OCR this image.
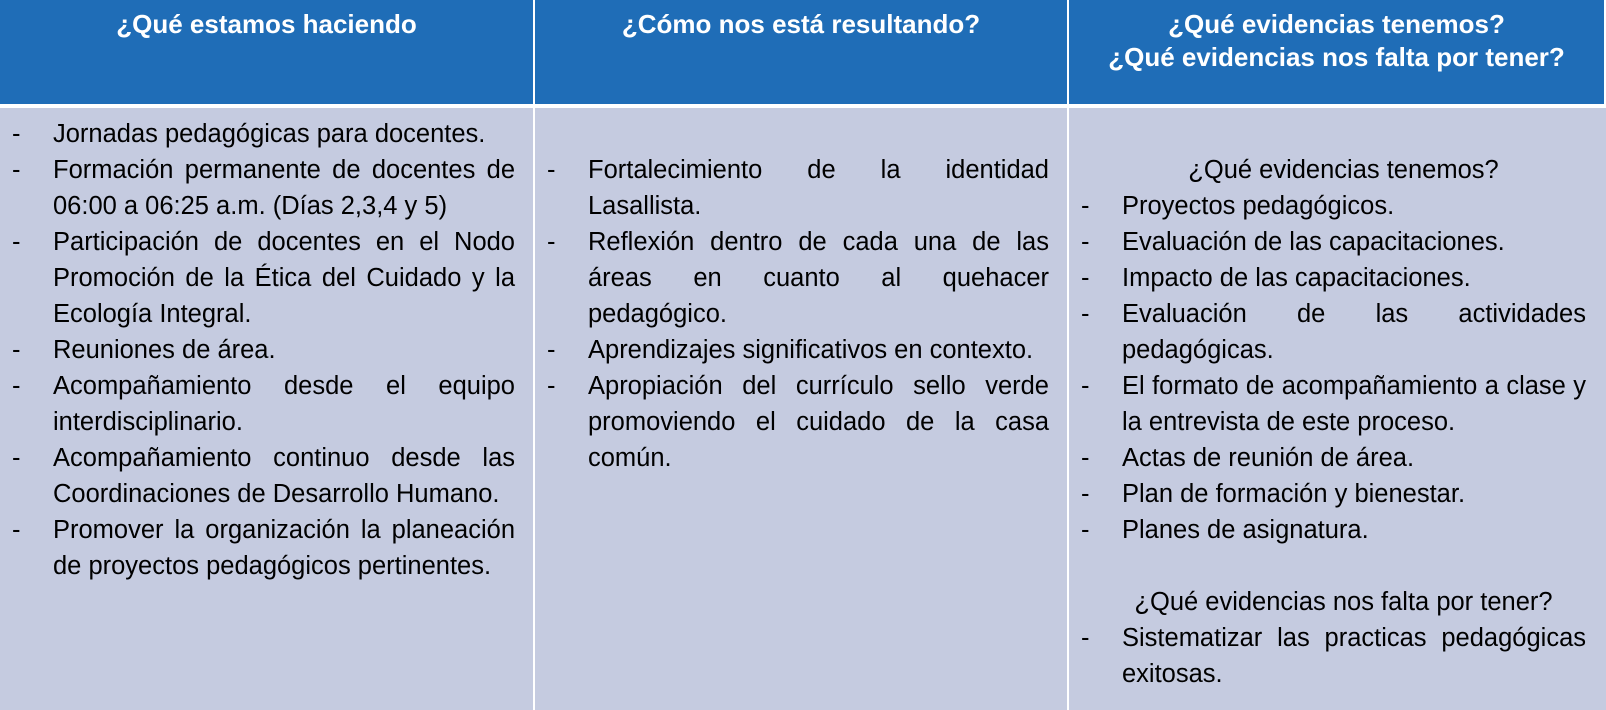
¿Qué estamos haciendo	¿Cómo nos está resultando?	¿Qué evidencias tenemos?
¿Qué evidencias nos falta por tener?
- Jornadas pedagógicas para docentes.
- Formación permanente de docentes de 06:00 a 06:25 a.m. (Días 2,3,4 y 5)
- Participación de docentes en el Nodo Promoción de la Ética del Cuidado y la Ecología Integral.
- Reuniones de área.
- Acompañamiento desde el equipo interdisciplinario.
- Acompañamiento continuo desde las Coordinaciones de Desarrollo Humano.
- Promover la organización la planeación de proyectos pedagógicos pertinentes.
- Fortalecimiento de la identidad Lasallista.
- Reflexión dentro de cada una de las áreas en cuanto al quehacer pedagógico.
- Aprendizajes significativos en contexto.
- Apropiación del currículo sello verde promoviendo el cuidado de la casa común.
¿Qué evidencias tenemos?
- Proyectos pedagógicos.
- Evaluación de las capacitaciones.
- Impacto de las capacitaciones.
- Evaluación de las actividades pedagógicas.
- El formato de acompañamiento a clase y la entrevista de este proceso.
- Actas de reunión de área.
- Plan de formación y bienestar.
- Planes de asignatura.
¿Qué evidencias nos falta por tener?
- Sistematizar las practicas pedagógicas exitosas.
